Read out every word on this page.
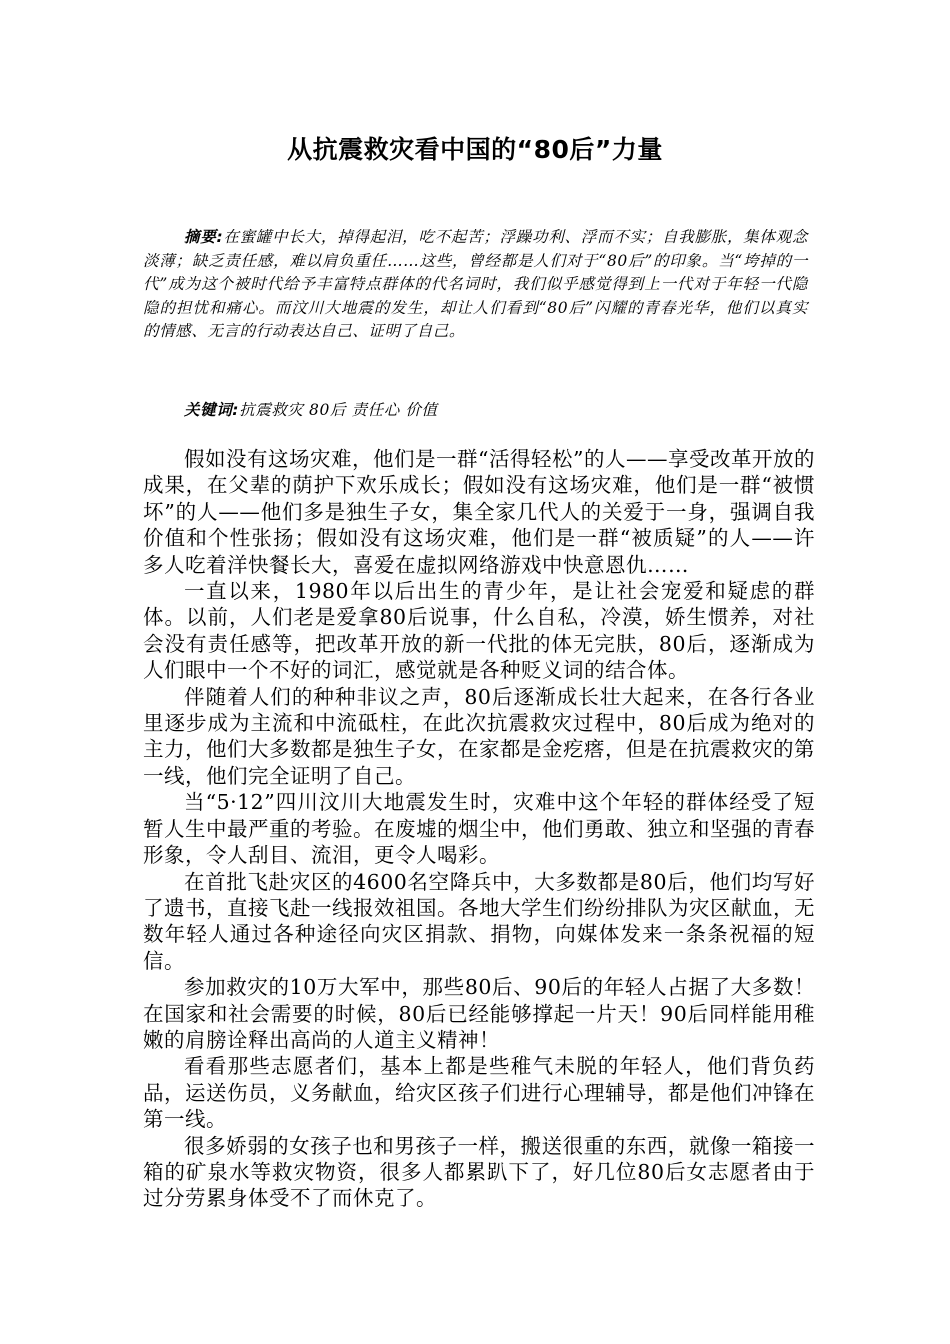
从抗震救灾看中国的“80后”力量
摘要:在蜜罐中长大，掉得起泪，吃不起苦；浮躁功利、浮而不实；自我膨胀，集体观念淡薄；缺乏责任感，难以肩负重任……这些，曾经都是人们对于“80后”的印象。当“垮掉的一代”成为这个被时代给予丰富特点群体的代名词时，我们似乎感觉得到上一代对于年轻一代隐隐的担忧和痛心。而汶川大地震的发生，却让人们看到“80后”闪耀的青春光华，他们以真实的情感、无言的行动表达自己、证明了自己。
关键词:抗震救灾 80后 责任心 价值

假如没有这场灾难，他们是一群“活得轻松”的人——享受改革开放的成果，在父辈的荫护下欢乐成长；假如没有这场灾难，他们是一群“被惯坏”的人——他们多是独生子女，集全家几代人的关爱于一身，强调自我价值和个性张扬；假如没有这场灾难，他们是一群“被质疑”的人——许多人吃着洋快餐长大，喜爱在虚拟网络游戏中快意恩仇……

一直以来，1980年以后出生的青少年，是让社会宠爱和疑虑的群体。以前，人们老是爱拿80后说事，什么自私，冷漠，娇生惯养，对社会没有责任感等，把改革开放的新一代批的体无完肤，80后，逐渐成为人们眼中一个不好的词汇，感觉就是各种贬义词的结合体。

伴随着人们的种种非议之声，80后逐渐成长壮大起来，在各行各业里逐步成为主流和中流砥柱，在此次抗震救灾过程中，80后成为绝对的主力，他们大多数都是独生子女，在家都是金疙瘩，但是在抗震救灾的第一线，他们完全证明了自己。

当“5·12”四川汶川大地震发生时，灾难中这个年轻的群体经受了短暂人生中最严重的考验。在废墟的烟尘中，他们勇敢、独立和坚强的青春形象，令人刮目、流泪，更令人喝彩。

在首批飞赴灾区的4600名空降兵中，大多数都是80后，他们均写好了遗书，直接飞赴一线报效祖国。各地大学生们纷纷排队为灾区献血，无数年轻人通过各种途径向灾区捐款、捐物，向媒体发来一条条祝福的短信。

参加救灾的10万大军中，那些80后、90后的年轻人占据了大多数！在国家和社会需要的时候，80后已经能够撑起一片天！90后同样能用稚嫩的肩膀诠释出高尚的人道主义精神！

看看那些志愿者们，基本上都是些稚气未脱的年轻人，他们背负药品，运送伤员，义务献血，给灾区孩子们进行心理辅导，都是他们冲锋在第一线。

很多娇弱的女孩子也和男孩子一样，搬送很重的东西，就像一箱接一箱的矿泉水等救灾物资，很多人都累趴下了，好几位80后女志愿者由于过分劳累身体受不了而休克了。
